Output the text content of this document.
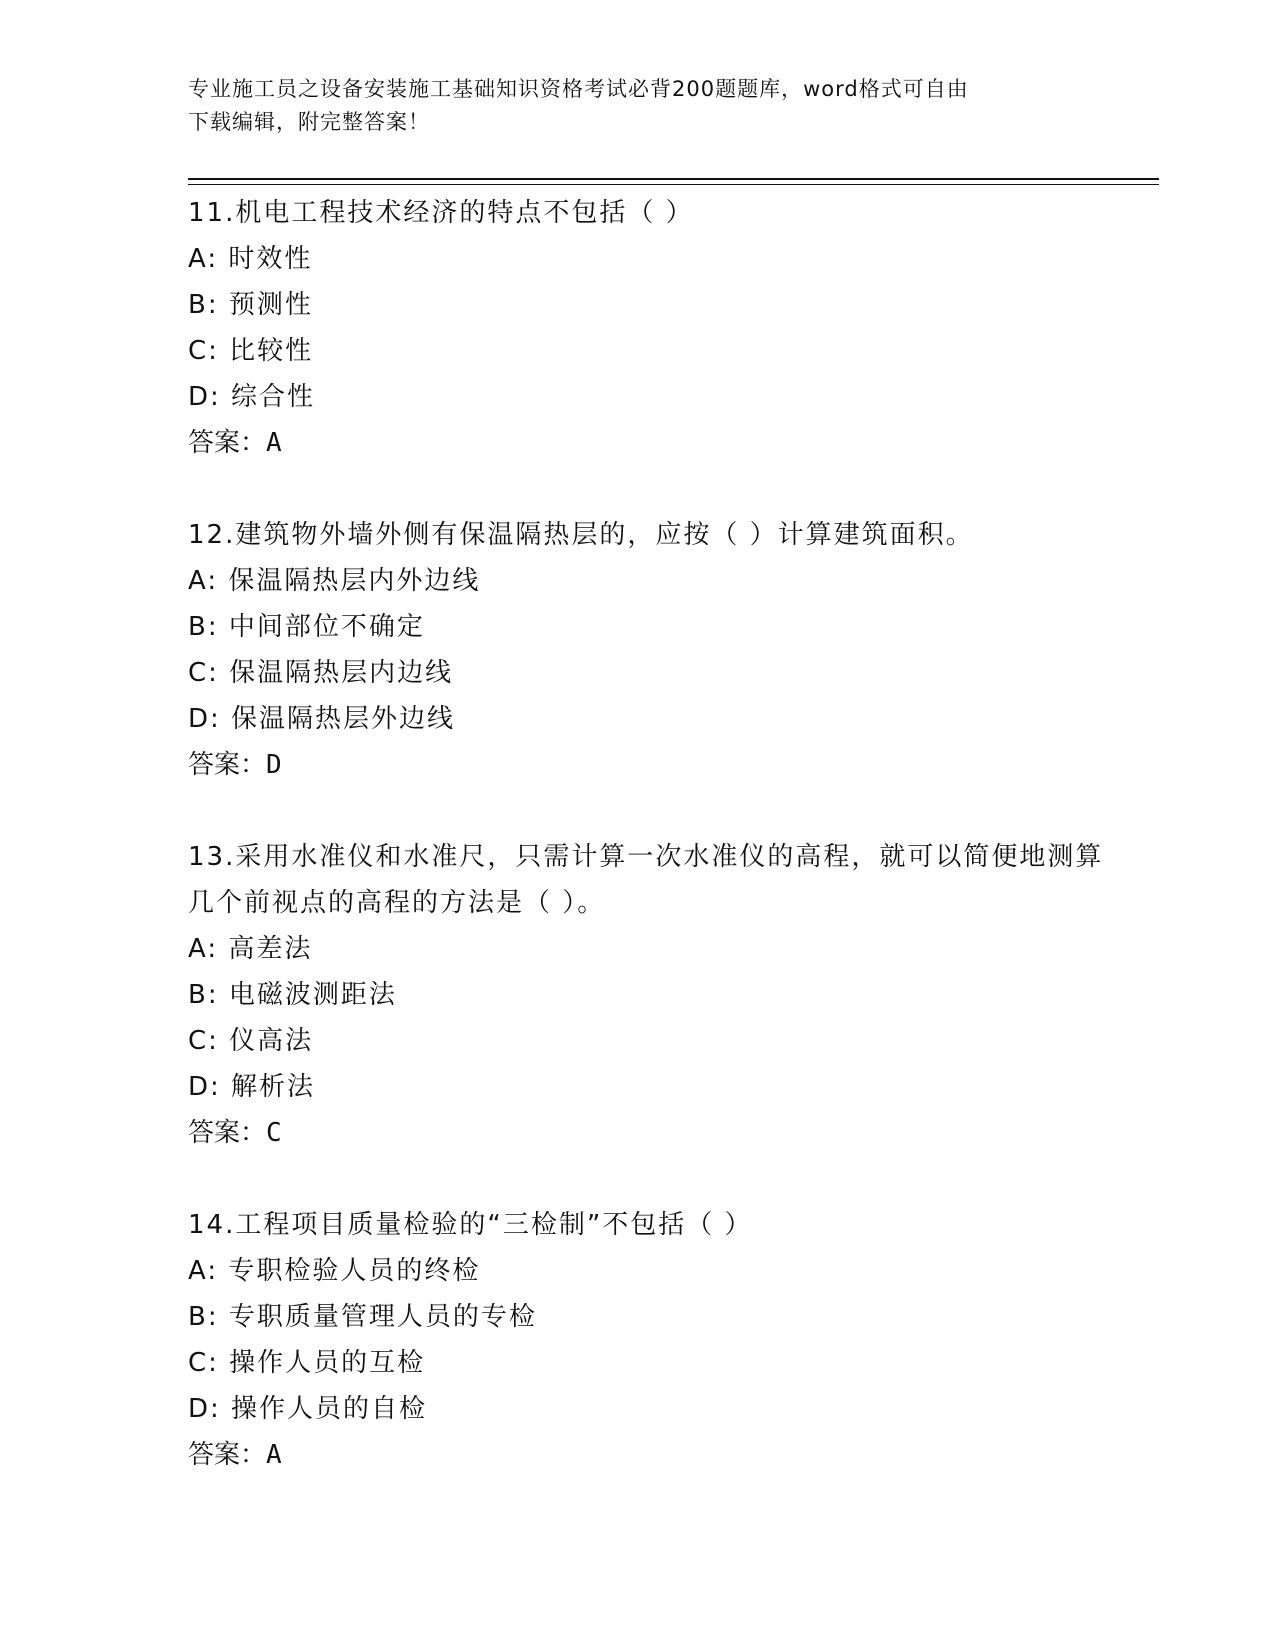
专业施工员之设备安装施工基础知识资格考试必背200题题库，word格式可自由
下载编辑，附完整答案！
11.机电工程技术经济的特点不包括（ ）
A: 时效性
B: 预测性
C: 比较性
D: 综合性
答案：A
12.建筑物外墙外侧有保温隔热层的，应按（ ）计算建筑面积。
A: 保温隔热层内外边线
B: 中间部位不确定
C: 保温隔热层内边线
D: 保温隔热层外边线
答案：D
13.采用水准仪和水准尺，只需计算一次水准仪的高程，就可以简便地测算几个前视点的高程的方法是（ ）。
A: 高差法
B: 电磁波测距法
C: 仪高法
D: 解析法
答案：C
14.工程项目质量检验的“三检制”不包括（ ）
A: 专职检验人员的终检
B: 专职质量管理人员的专检
C: 操作人员的互检
D: 操作人员的自检
答案：A
